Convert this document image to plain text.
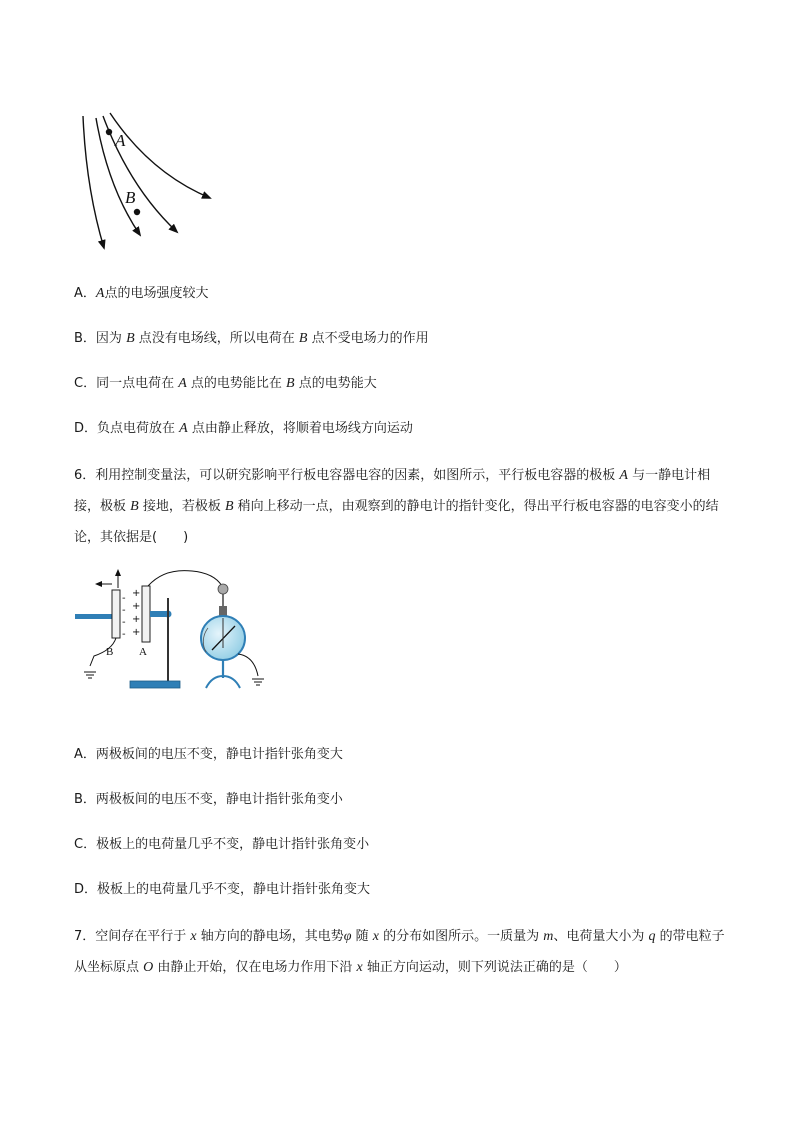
A
B
A．A点的电场强度较大
B．因为 B 点没有电场线，所以电荷在 B 点不受电场力的作用
C．同一点电荷在 A 点的电势能比在 B 点的电势能大
D．负点电荷放在 A 点由静止释放，将顺着电场线方向运动
6．利用控制变量法，可以研究影响平行板电容器电容的因素，如图所示，平行板电容器的极板 A 与一静电计相接，极板 B 接地，若极板 B 稍向上移动一点，由观察到的静电计的指针变化，得出平行板电容器的电容变小的结论，其依据是(　　)
-
-
-
-
+
+
+
+
B A
A．两极板间的电压不变，静电计指针张角变大
B．两极板间的电压不变，静电计指针张角变小
C．极板上的电荷量几乎不变，静电计指针张角变小
D．极板上的电荷量几乎不变，静电计指针张角变大
7．空间存在平行于 x 轴方向的静电场，其电势φ 随 x 的分布如图所示。一质量为 m、电荷量大小为 q 的带电粒子从坐标原点 O 由静止开始，仅在电场力作用下沿 x 轴正方向运动，则下列说法正确的是（　　）
